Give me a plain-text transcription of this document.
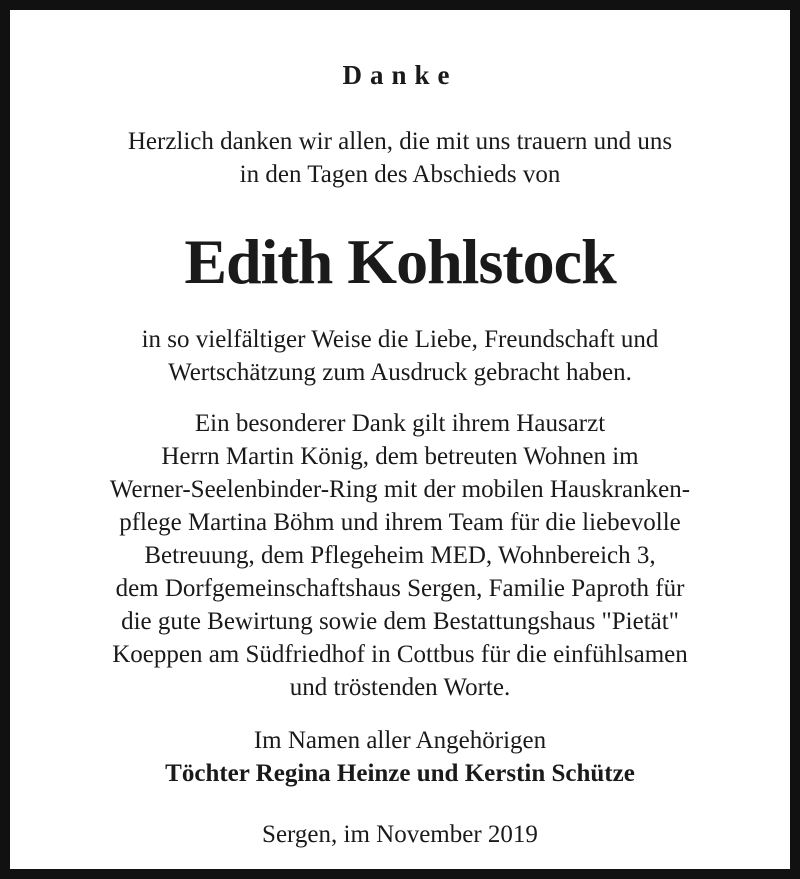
Danke
Herzlich danken wir allen, die mit uns trauern und uns
in den Tagen des Abschieds von
Edith Kohlstock
in so vielfältiger Weise die Liebe, Freundschaft und
Wertschätzung zum Ausdruck gebracht haben.
Ein besonderer Dank gilt ihrem Hausarzt
Herrn Martin König, dem betreuten Wohnen im
Werner-Seelenbinder-Ring mit der mobilen Hauskranken-
pflege Martina Böhm und ihrem Team für die liebevolle
Betreuung, dem Pflegeheim MED, Wohnbereich 3,
dem Dorfgemeinschaftshaus Sergen, Familie Paproth für
die gute Bewirtung sowie dem Bestattungshaus "Pietät"
Koeppen am Südfriedhof in Cottbus für die einfühlsamen
und tröstenden Worte.
Im Namen aller Angehörigen
Töchter Regina Heinze und Kerstin Schütze
Sergen, im November 2019
